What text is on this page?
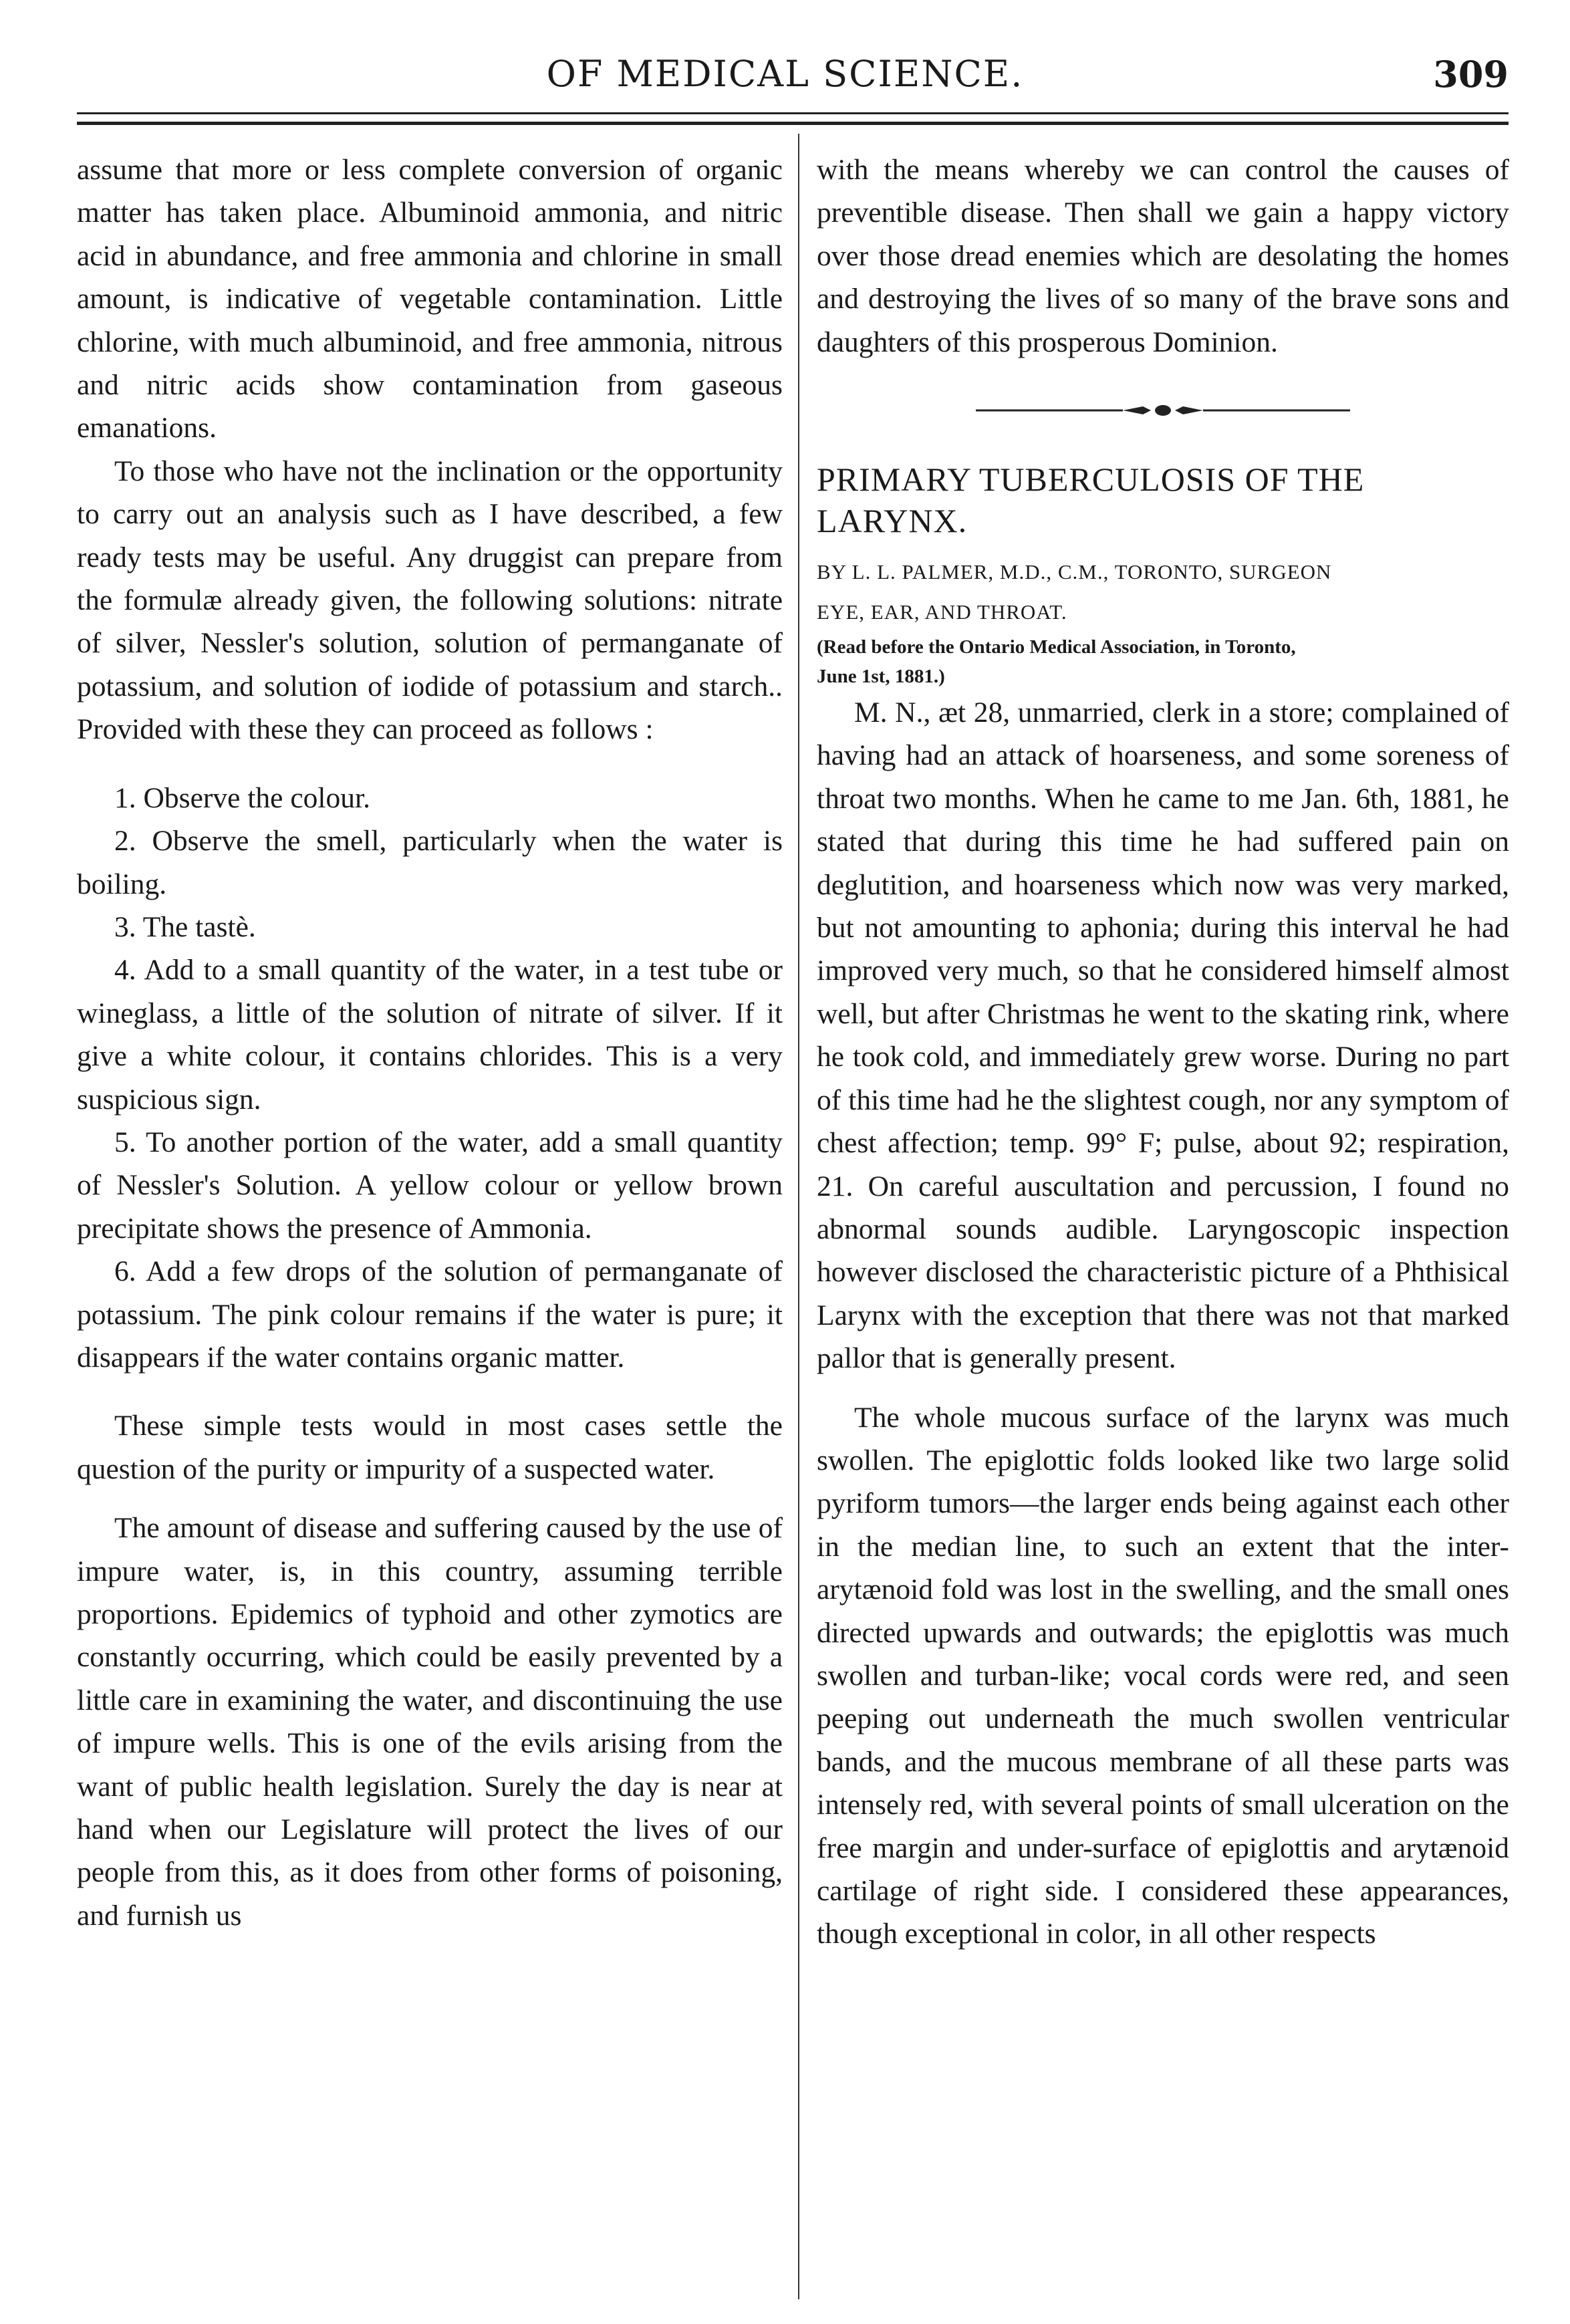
OF MEDICAL SCIENCE.	309

assume that more or less complete conversion of organic matter has taken place. Albuminoid ammonia, and nitric acid in abundance, and free ammonia and chlorine in small amount, is indicative of vegetable contamination. Little chlorine, with much albuminoid, and free ammonia, nitrous and nitric acids show contamination from gaseous emanations.

To those who have not the inclination or the opportunity to carry out an analysis such as I have described, a few ready tests may be useful. Any druggist can prepare from the formulæ already given, the following solutions: nitrate of silver, Nessler's solution, solution of permanganate of potassium, and solution of iodide of potassium and starch.. Provided with these they can proceed as follows :

1. Observe the colour.

2. Observe the smell, particularly when the water is boiling.

3. The tastè.

4. Add to a small quantity of the water, in a test tube or wineglass, a little of the solution of nitrate of silver. If it give a white colour, it contains chlorides. This is a very suspicious sign.

5. To another portion of the water, add a small quantity of Nessler's Solution. A yellow colour or yellow brown precipitate shows the presence of Ammonia.

6. Add a few drops of the solution of permanganate of potassium. The pink colour remains if the water is pure; it disappears if the water contains organic matter.

These simple tests would in most cases settle the question of the purity or impurity of a suspected water.

The amount of disease and suffering caused by the use of impure water, is, in this country, assuming terrible proportions. Epidemics of typhoid and other zymotics are constantly occurring, which could be easily prevented by a little care in examining the water, and discontinuing the use of impure wells. This is one of the evils arising from the want of public health legislation. Surely the day is near at hand when our Legislature will protect the lives of our people from this, as it does from other forms of poisoning, and furnish us

with the means whereby we can control the causes of preventible disease. Then shall we gain a happy victory over those dread enemies which are desolating the homes and destroying the lives of so many of the brave sons and daughters of this prosperous Dominion.

PRIMARY TUBERCULOSIS OF THE

LARYNX.

BY L. L. PALMER, M.D., C.M., TORONTO, SURGEON

EYE, EAR, AND THROAT.

(Read before the Ontario Medical Association, in Toronto,

June 1st, 1881.)

M. N., æt 28, unmarried, clerk in a store; complained of having had an attack of hoarseness, and some soreness of throat two months. When he came to me Jan. 6th, 1881, he stated that during this time he had suffered pain on deglutition, and hoarseness which now was very marked, but not amounting to aphonia; during this interval he had improved very much, so that he considered himself almost well, but after Christmas he went to the skating rink, where he took cold, and immediately grew worse. During no part of this time had he the slightest cough, nor any symptom of chest affection; temp. 99° F; pulse, about 92; respiration, 21. On careful auscultation and percussion, I found no abnormal sounds audible. Laryngoscopic inspection however disclosed the characteristic picture of a Phthisical Larynx with the exception that there was not that marked pallor that is generally present.

The whole mucous surface of the larynx was much swollen. The epiglottic folds looked like two large solid pyriform tumors—the larger ends being against each other in the median line, to such an extent that the inter-arytænoid fold was lost in the swelling, and the small ones directed upwards and outwards; the epiglottis was much swollen and turban-like; vocal cords were red, and seen peeping out underneath the much swollen ventricular bands, and the mucous membrane of all these parts was intensely red, with several points of small ulceration on the free margin and under-surface of epiglottis and arytænoid cartilage of right side. I considered these appearances, though exceptional in color, in all other respects
